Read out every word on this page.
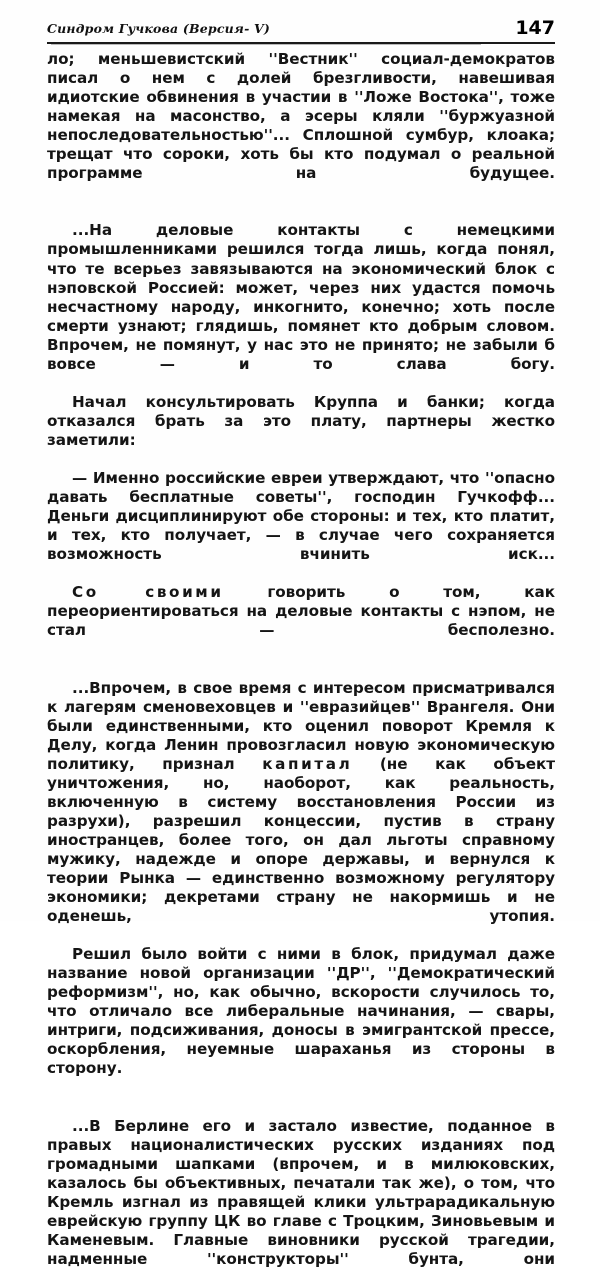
Синдром Гучкова (Версия- V)	147

ло; меньшевистский ''Вестник'' социал-демократов писал о нем с долей брезгливости, навешивая идиотские обвинения в участии в ''Ложе Востока'', тоже намекая на масонство, а эсеры кляли ''буржуазной непоследовательностью''... Сплошной сумбур, клоака; трещат что сороки, хоть бы кто подумал о реальной программе на будущее.

...На деловые контакты с немецкими промышленниками решился тогда лишь, когда понял, что те всерьез завязываются на экономический блок с нэповской Россией: может, через них удастся помочь несчастному народу, инкогнито, конечно; хоть после смерти узнают; глядишь, помянет кто добрым словом. Впрочем, не помянут, у нас это не принято; не забыли б вовсе — и то слава богу.

Начал консультировать Круппа и банки; когда отказался брать за это плату, партнеры жестко заметили:

— Именно российские евреи утверждают, что ''опасно давать бесплатные советы'', господин Гучкофф... Деньги дисциплинируют обе стороны: и тех, кто платит, и тех, кто получает, — в случае чего сохраняется возможность вчинить иск...

Со своими говорить о том, как переориентироваться на деловые контакты с нэпом, не стал — бесполезно.

...Впрочем, в свое время с интересом присматривался к лагерям сменовеховцев и ''евразийцев'' Врангеля. Они были единственными, кто оценил поворот Кремля к Делу, когда Ленин провозгласил новую экономическую политику, признал капитал (не как объект уничтожения, но, наоборот, как реальность, включенную в систему восстановления России из разрухи), разрешил концессии, пустив в страну иностранцев, более того, он дал льготы справному мужику, надежде и опоре державы, и вернулся к теории Рынка — единственно возможному регулятору экономики; декретами страну не накормишь и не оденешь, утопия.

Решил было войти с ними в блок, придумал даже название новой организации ''ДР'', ''Демократический реформизм'', но, как обычно, вскорости случилось то, что отличало все либеральные начинания, — свары, интриги, подсиживания, доносы в эмигрантской прессе, оскорбления, неуемные шараханья из стороны в сторону.

...В Берлине его и застало известие, поданное в правых националистических русских изданиях под громадными шапками (впрочем, и в милюковских, казалось бы объективных, печатали так же), о том, что Кремль изгнал из правящей клики ультрарадикальную еврейскую группу ЦК во главе с Троцким, Зиновьевым и Каменевым. Главные виновники русской трагедии, надменные ''конструкторы'' бунта, они
